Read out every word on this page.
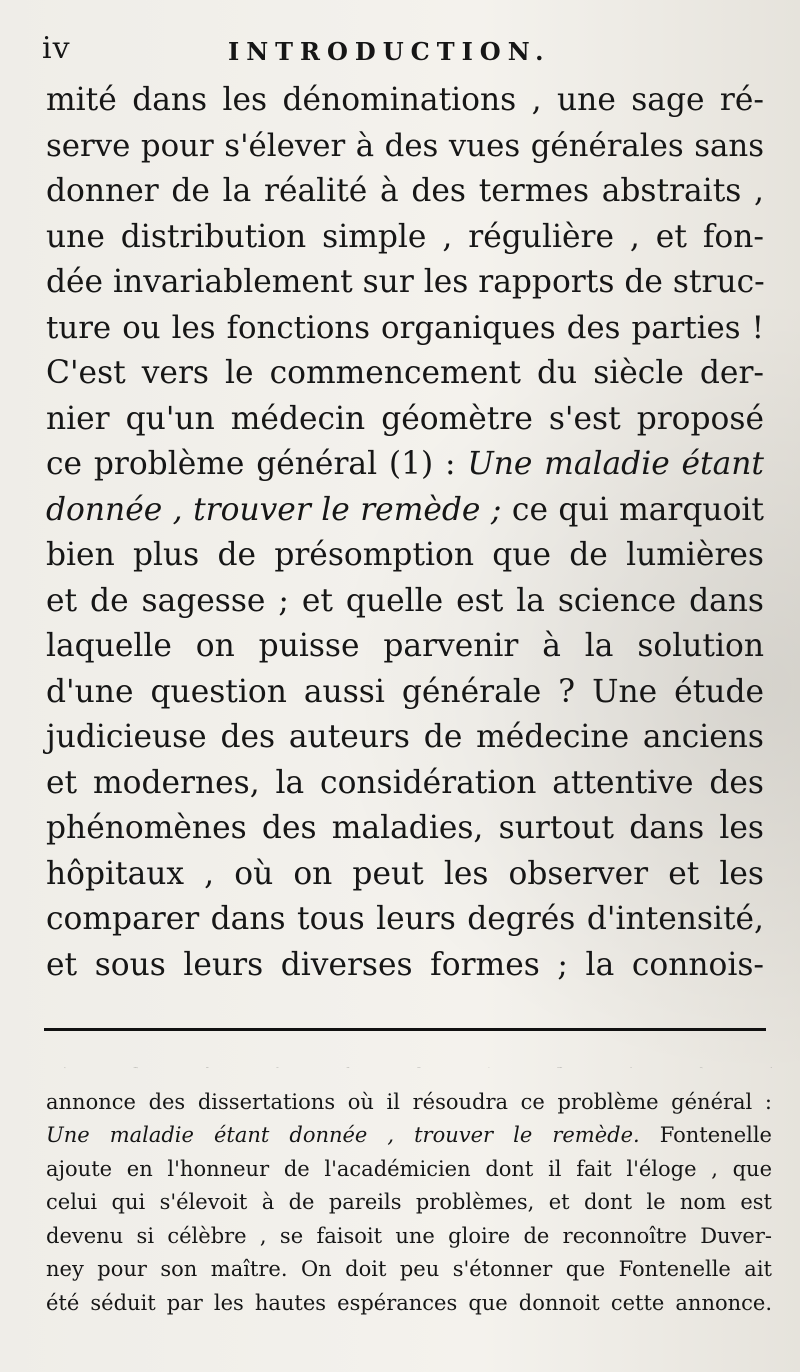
iv	INTRODUCTION.
mité dans les dénominations , une sage ré-
serve pour s'élever à des vues générales sans
donner de la réalité à des termes abstraits ,
une distribution simple , régulière , et fon-
dée invariablement sur les rapports de struc-
ture ou les fonctions organiques des parties !
C'est vers le commencement du siècle der-
nier qu'un médecin géomètre s'est proposé
ce problème général (1) : Une maladie étant
donnée , trouver le remède ; ce qui marquoit
bien plus de présomption que de lumières
et de sagesse ; et quelle est la science dans
laquelle on puisse parvenir à la solution
d'une question aussi générale ? Une étude
judicieuse des auteurs de médecine anciens
et modernes, la considération attentive des
phénomènes des maladies, surtout dans les
hôpitaux , où on peut les observer et les
comparer dans tous leurs degrés d'intensité,
et sous leurs diverses formes ; la connois-
(1) Pitcairn, dans une lettre écrite à Duverney en 1712, lui
annonce des dissertations où il résoudra ce problème général :
Une maladie étant donnée , trouver le remède. Fontenelle
ajoute en l'honneur de l'académicien dont il fait l'éloge , que
celui qui s'élevoit à de pareils problèmes, et dont le nom est
devenu si célèbre , se faisoit une gloire de reconnoître Duver-
ney pour son maître. On doit peu s'étonner que Fontenelle ait
été séduit par les hautes espérances que donnoit cette annonce.
